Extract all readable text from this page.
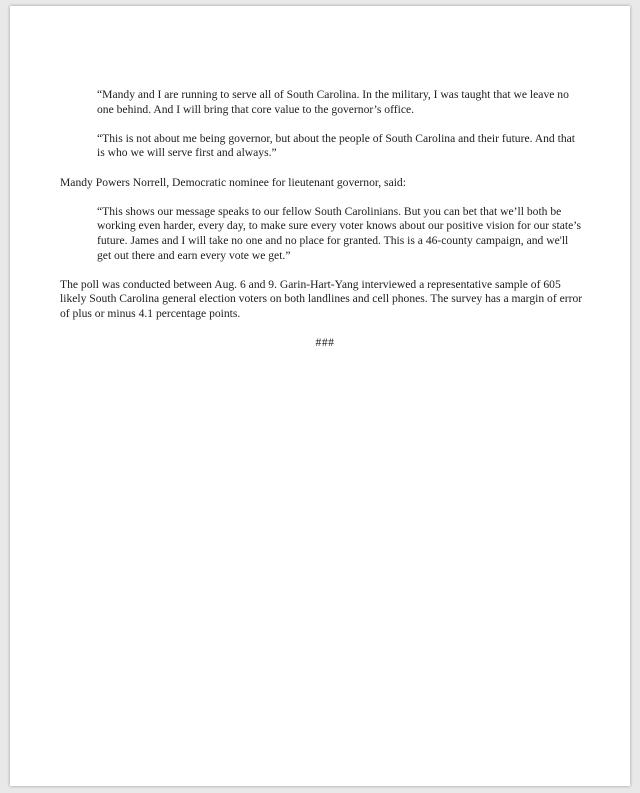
“Mandy and I are running to serve all of South Carolina. In the military, I was taught that we leave no one behind. And I will bring that core value to the governor’s office.

“This is not about me being governor, but about the people of South Carolina and their future. And that is who we will serve first and always.”

Mandy Powers Norrell, Democratic nominee for lieutenant governor, said:

“This shows our message speaks to our fellow South Carolinians. But you can bet that we’ll both be working even harder, every day, to make sure every voter knows about our positive vision for our state’s future. James and I will take no one and no place for granted. This is a 46-county campaign, and we'll get out there and earn every vote we get.”

The poll was conducted between Aug. 6 and 9. Garin-Hart-Yang interviewed a representative sample of 605 likely South Carolina general election voters on both landlines and cell phones. The survey has a margin of error of plus or minus 4.1 percentage points.

###
